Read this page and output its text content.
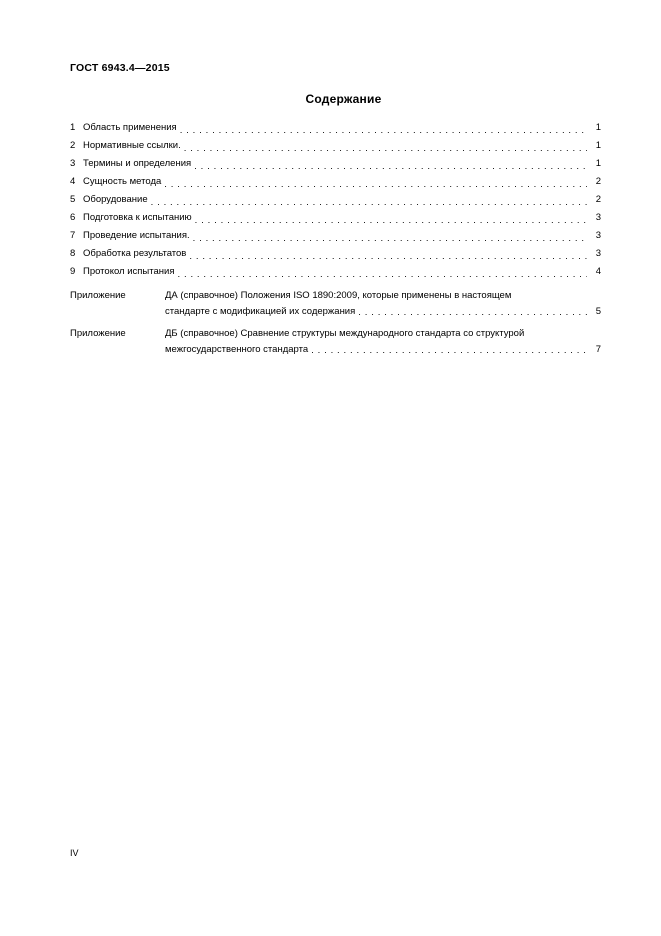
ГОСТ 6943.4—2015
Содержание
1 Область применения . . .	1
2 Нормативные ссылки. . . .	1
3 Термины и определения . . .	1
4 Сущность метода . . .	2
5 Оборудование . . .	2
6 Подготовка к испытанию . . .	3
7 Проведение испытания. . . .	3
8 Обработка результатов . . .	3
9 Протокол испытания . . .	4
Приложение	ДА (справочное) Положения ISO 1890:2009, которые применены в настоящем
стандарте с модификацией их содержания . . .	5
Приложение	ДБ (справочное) Сравнение структуры международного стандарта со структурой
межгосударственного стандарта . . .	7
IV
